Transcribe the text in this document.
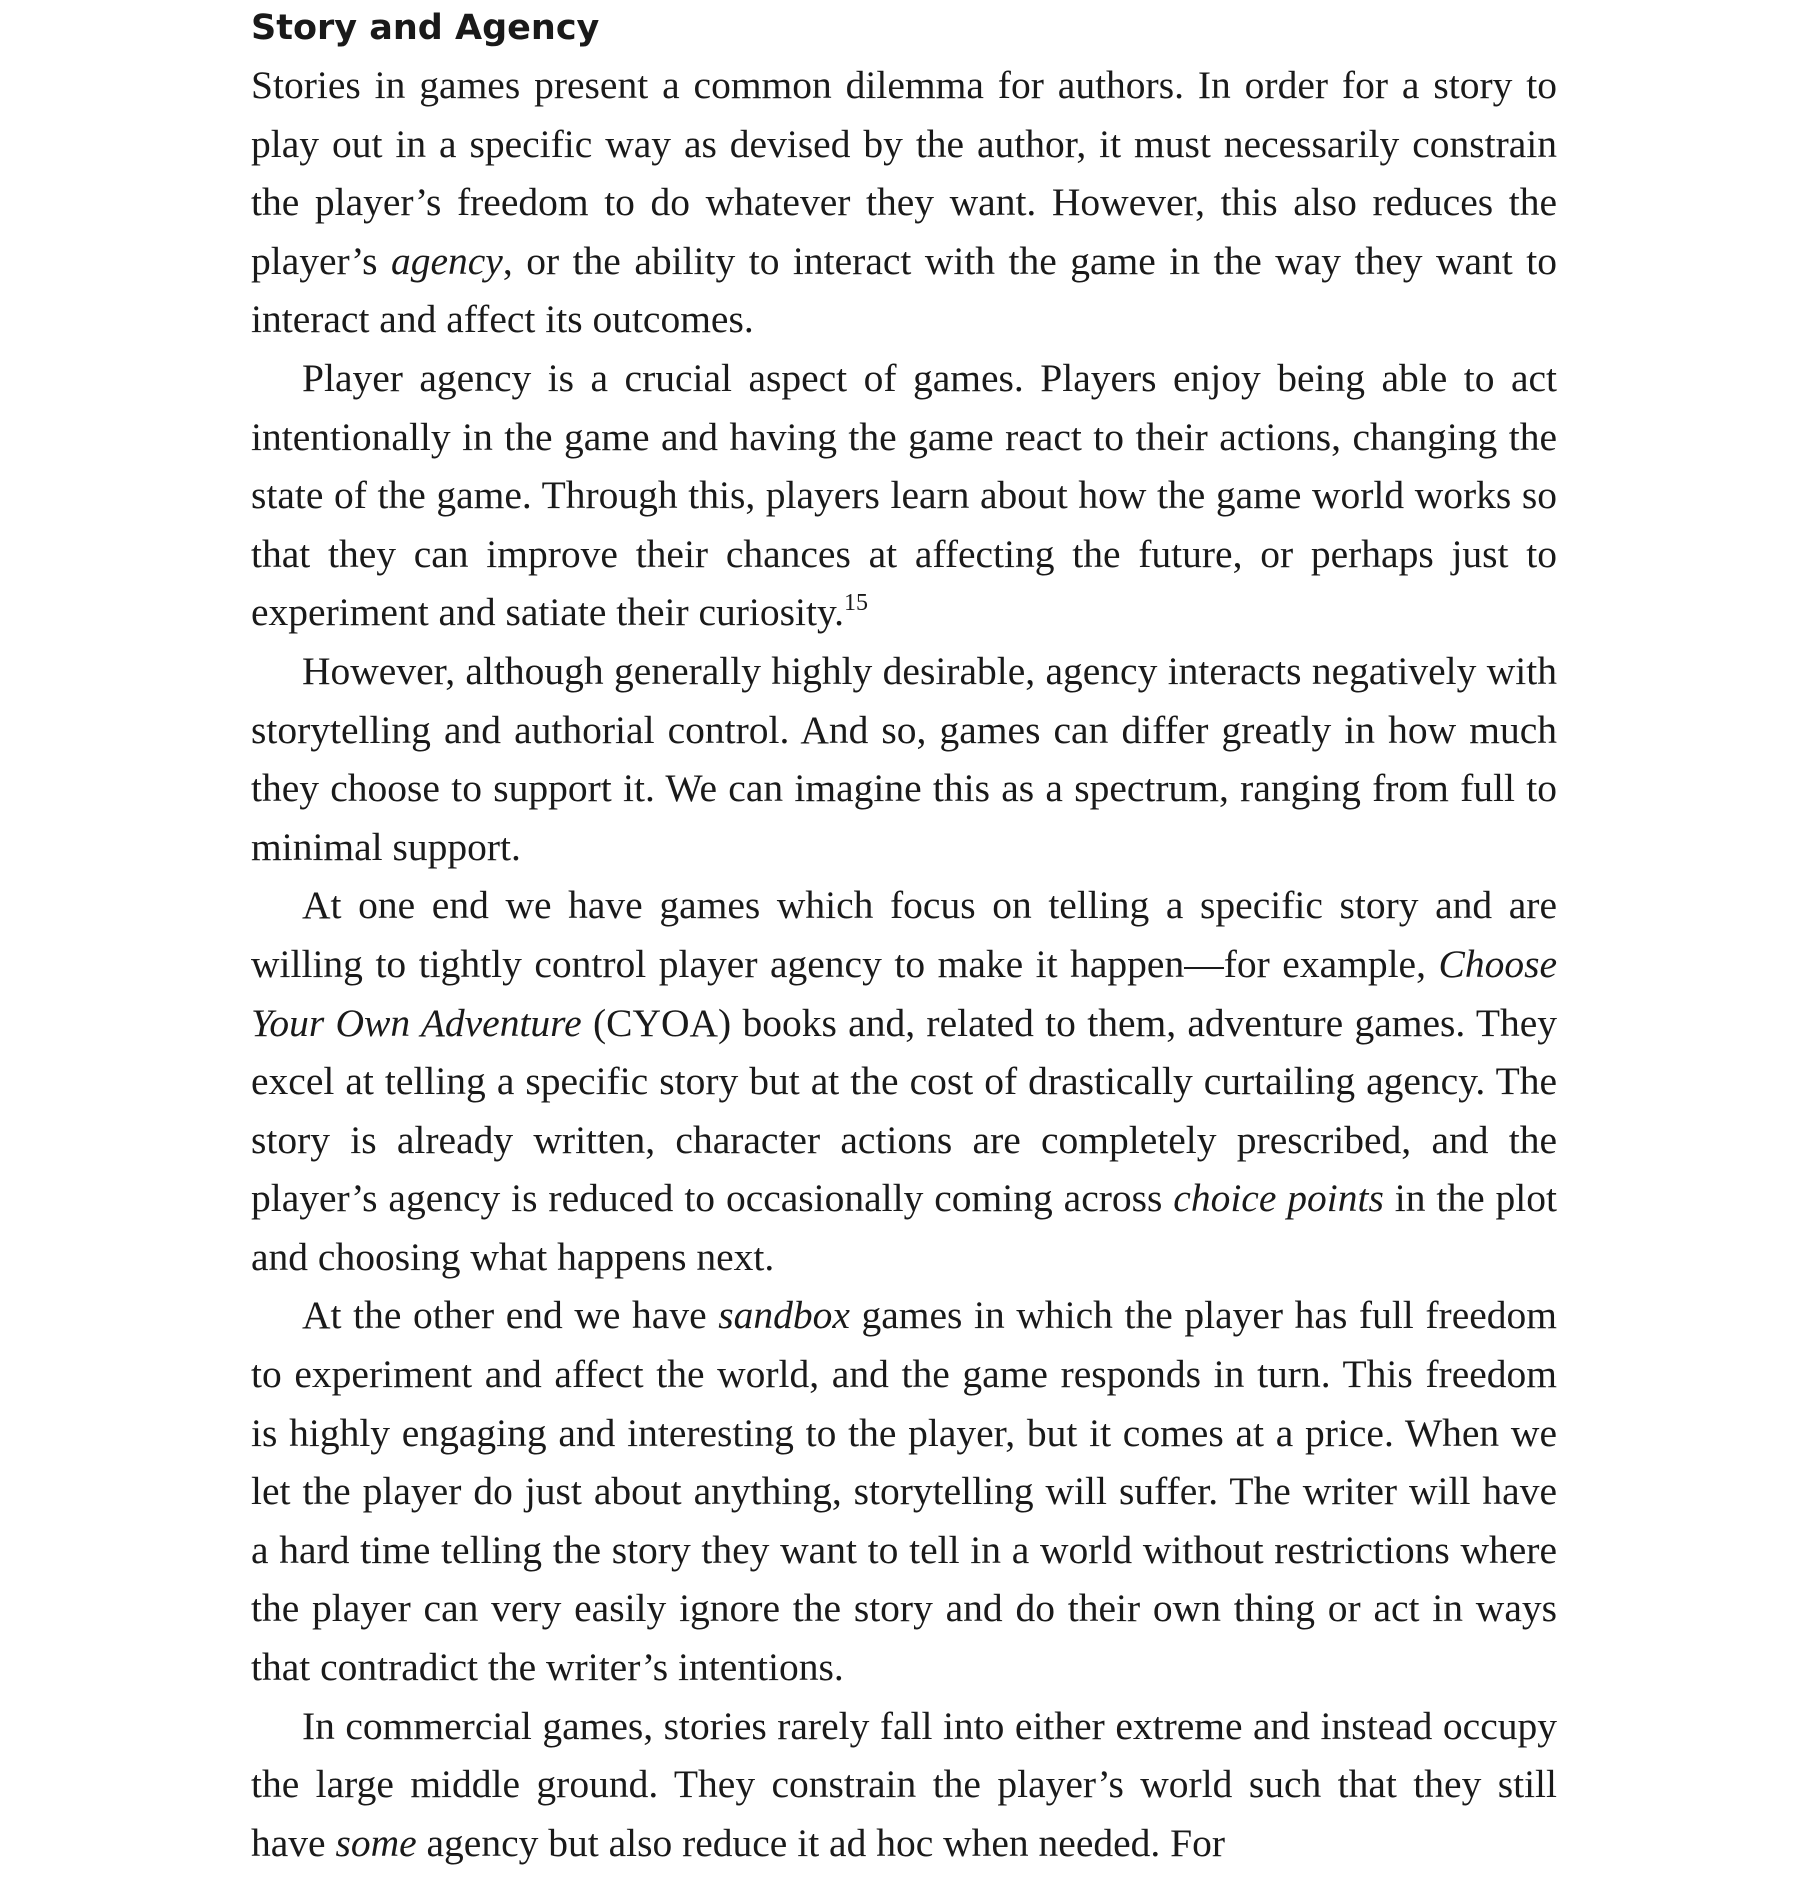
Story and Agency

Stories in games present a common dilemma for authors. In order for a story to play out in a specific way as devised by the author, it must necessarily constrain the player’s freedom to do whatever they want. However, this also reduces the player’s agency, or the ability to interact with the game in the way they want to interact and affect its outcomes.

Player agency is a crucial aspect of games. Players enjoy being able to act intentionally in the game and having the game react to their actions, changing the state of the game. Through this, players learn about how the game world works so that they can improve their chances at affecting the future, or perhaps just to experiment and satiate their curiosity.$^{15}$

However, although generally highly desirable, agency interacts negatively with storytelling and authorial control. And so, games can differ greatly in how much they choose to support it. We can imagine this as a spectrum, ranging from full to minimal support.

At one end we have games which focus on telling a specific story and are willing to tightly control player agency to make it happen—for example, Choose Your Own Adventure (CYOA) books and, related to them, adventure games. They excel at telling a specific story but at the cost of drastically curtailing agency. The story is already written, character actions are completely prescribed, and the player’s agency is reduced to occasionally coming across choice points in the plot and choosing what happens next.

At the other end we have sandbox games in which the player has full freedom to experiment and affect the world, and the game responds in turn. This freedom is highly engaging and interesting to the player, but it comes at a price. When we let the player do just about anything, storytelling will suffer. The writer will have a hard time telling the story they want to tell in a world without restrictions where the player can very easily ignore the story and do their own thing or act in ways that contradict the writer’s intentions.

In commercial games, stories rarely fall into either extreme and instead occupy the large middle ground. They constrain the player’s world such that they still have some agency but also reduce it ad hoc when needed. For
